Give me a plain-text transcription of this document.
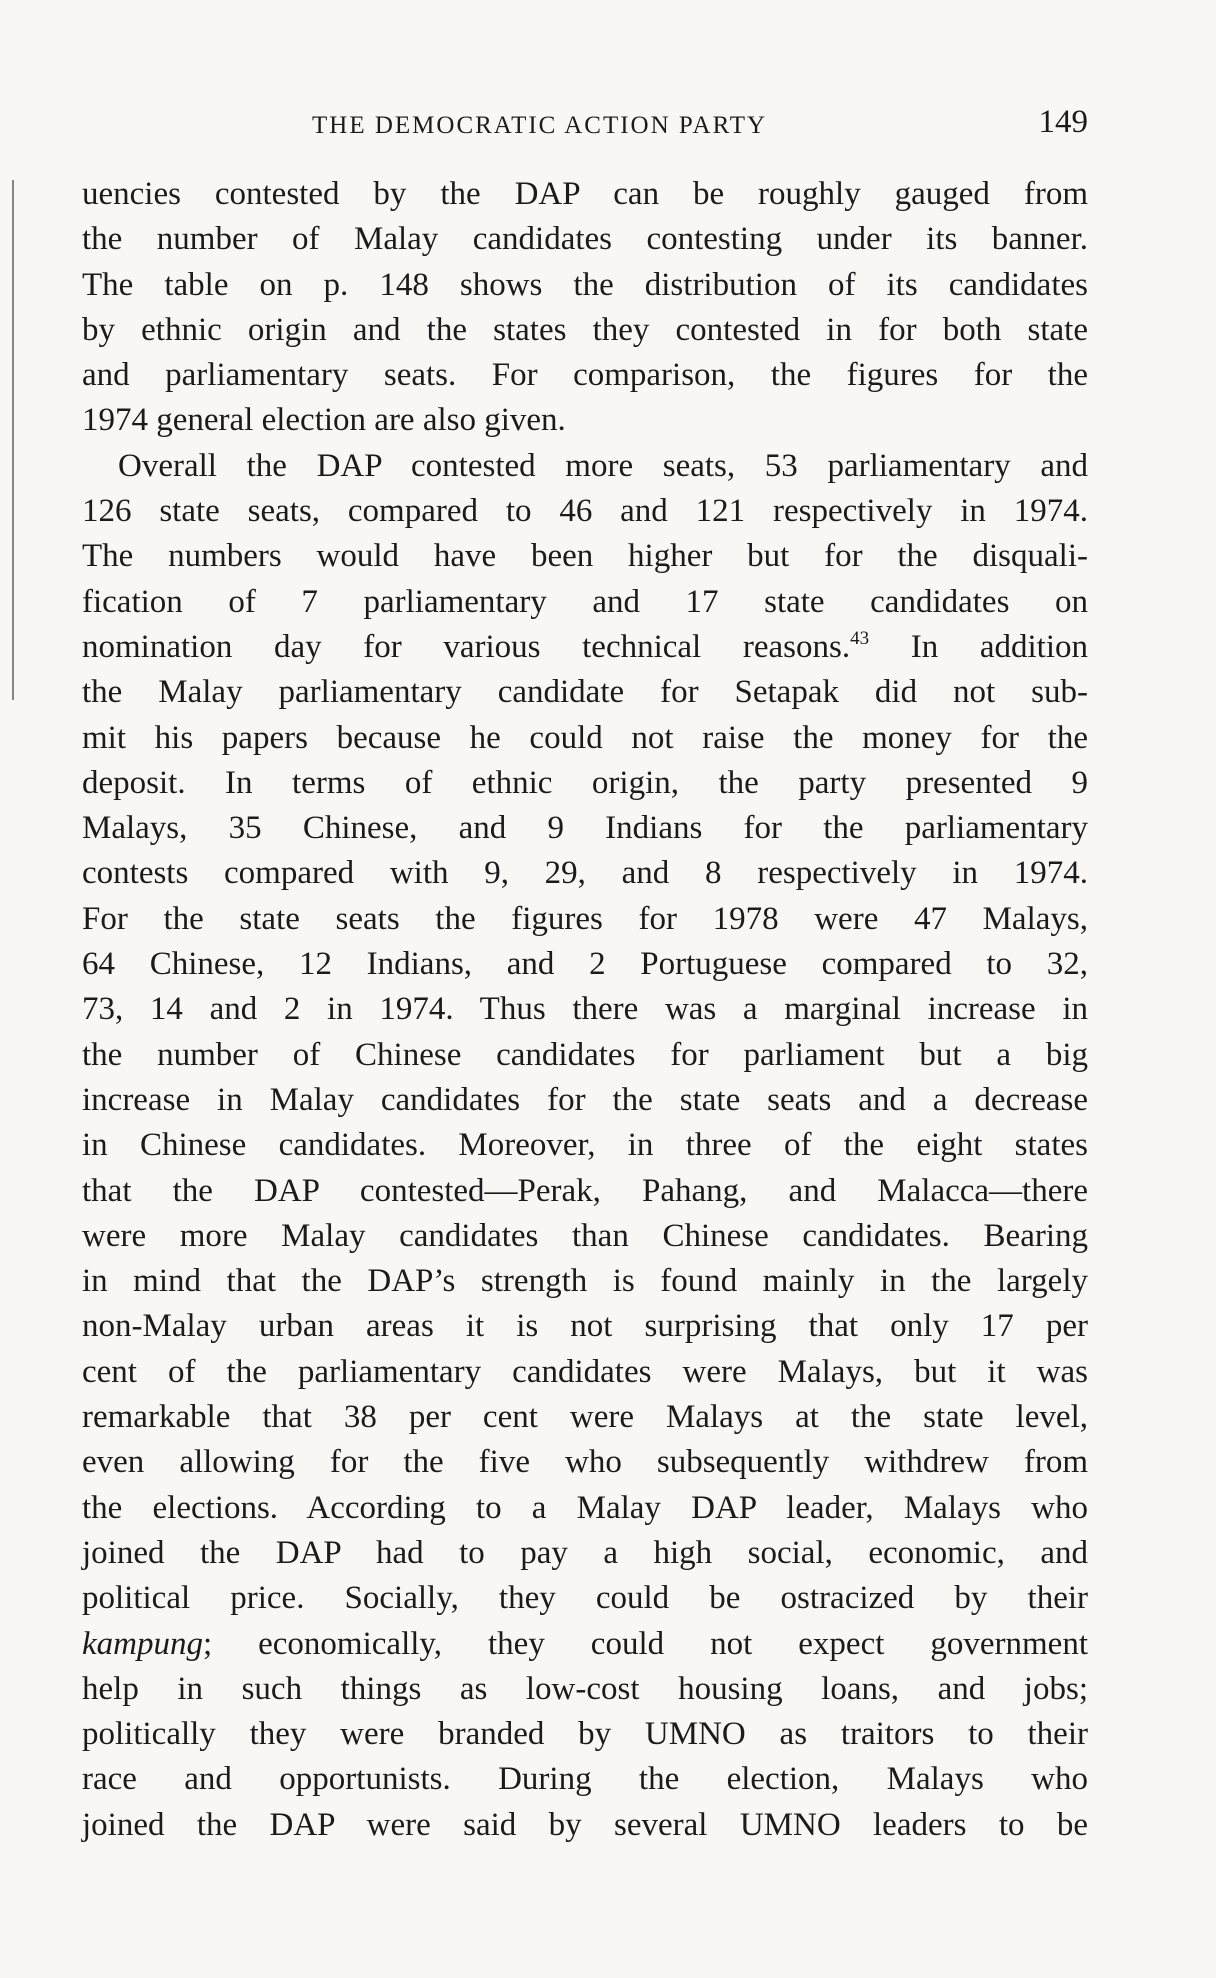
THE DEMOCRATIC ACTION PARTY	149
uencies contested by the DAP can be roughly gauged from
the number of Malay candidates contesting under its banner.
The table on p. 148 shows the distribution of its candidates
by ethnic origin and the states they contested in for both state
and parliamentary seats. For comparison, the figures for the
1974 general election are also given.
Overall the DAP contested more seats, 53 parliamentary and
126 state seats, compared to 46 and 121 respectively in 1974.
The numbers would have been higher but for the disquali-
fication of 7 parliamentary and 17 state candidates on
nomination day for various technical reasons.$^{43}$ In addition
the Malay parliamentary candidate for Setapak did not sub-
mit his papers because he could not raise the money for the
deposit. In terms of ethnic origin, the party presented 9
Malays, 35 Chinese, and 9 Indians for the parliamentary
contests compared with 9, 29, and 8 respectively in 1974.
For the state seats the figures for 1978 were 47 Malays,
64 Chinese, 12 Indians, and 2 Portuguese compared to 32,
73, 14 and 2 in 1974. Thus there was a marginal increase in
the number of Chinese candidates for parliament but a big
increase in Malay candidates for the state seats and a decrease
in Chinese candidates. Moreover, in three of the eight states
that the DAP contested—Perak, Pahang, and Malacca—there
were more Malay candidates than Chinese candidates. Bearing
in mind that the DAP’s strength is found mainly in the largely
non-Malay urban areas it is not surprising that only 17 per
cent of the parliamentary candidates were Malays, but it was
remarkable that 38 per cent were Malays at the state level,
even allowing for the five who subsequently withdrew from
the elections. According to a Malay DAP leader, Malays who
joined the DAP had to pay a high social, economic, and
political price. Socially, they could be ostracized by their
kampung; economically, they could not expect government
help in such things as low-cost housing loans, and jobs;
politically they were branded by UMNO as traitors to their
race and opportunists. During the election, Malays who
joined the DAP were said by several UMNO leaders to be
